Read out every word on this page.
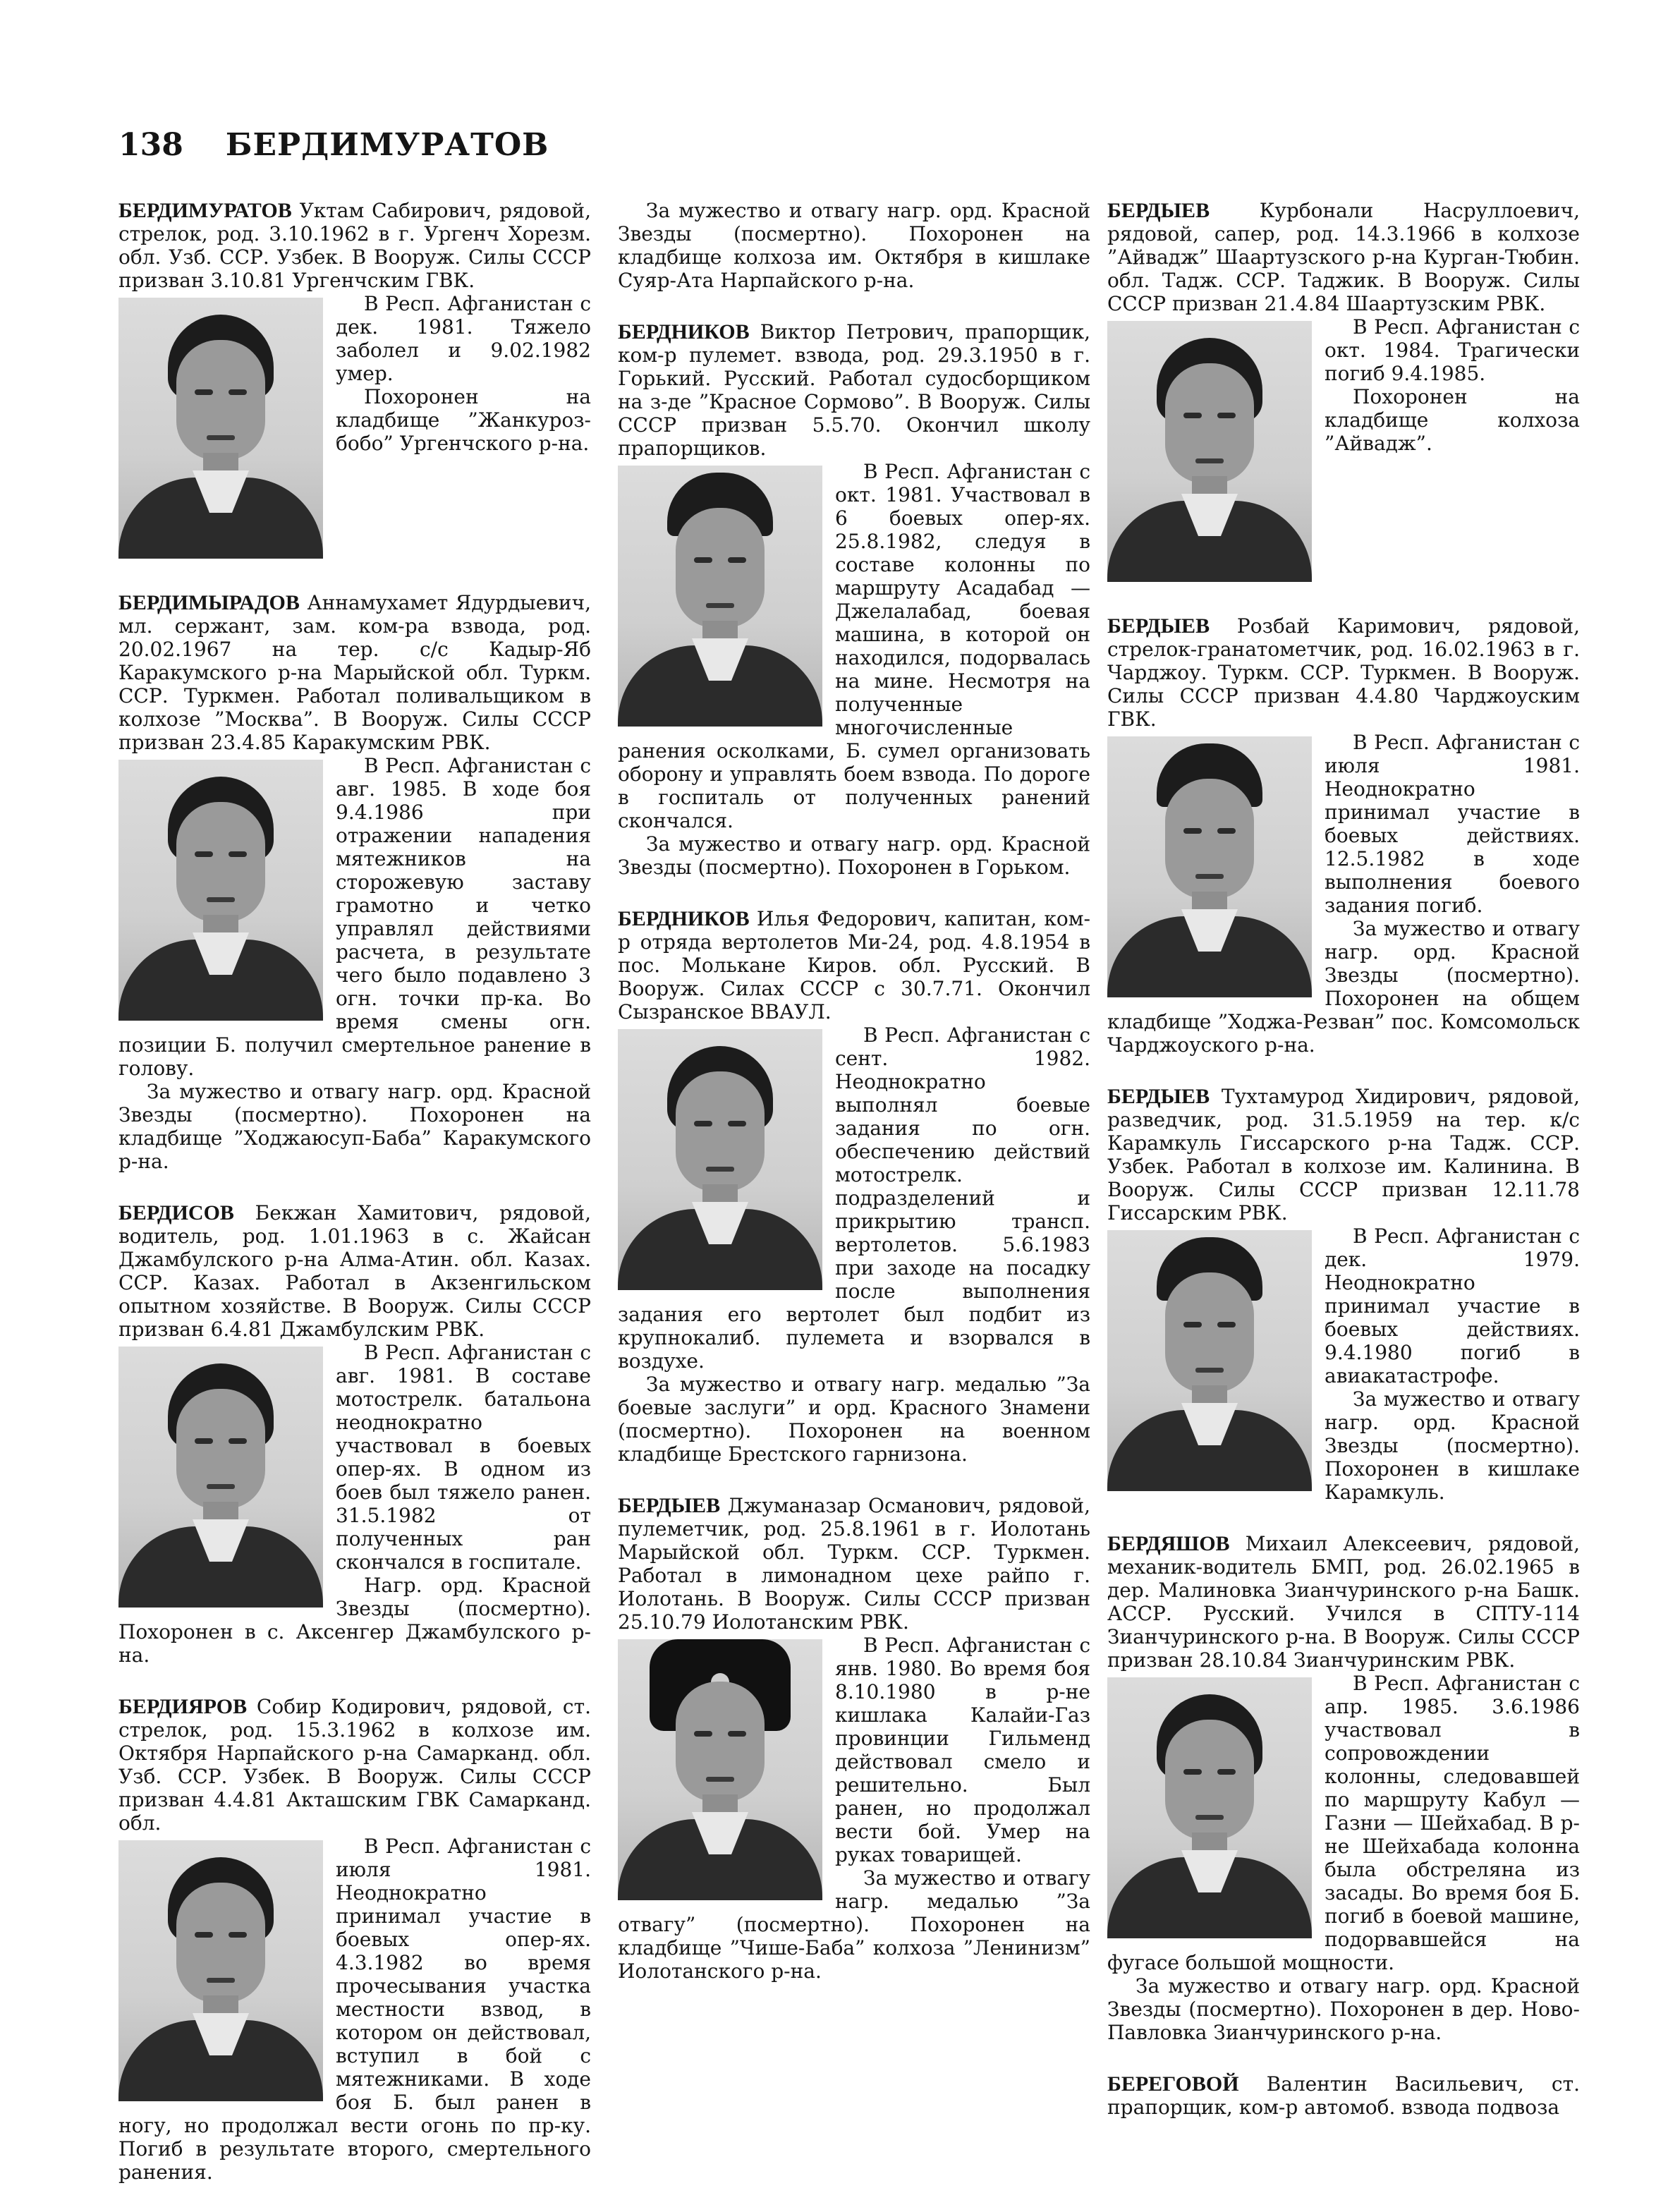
138 БЕРДИМУРАТОВ

БЕРДИМУРАТОВ Уктам Сабирович, рядовой, стрелок, род. 3.10.1962 в г. Ургенч Хорезм. обл. Узб. ССР. Узбек. В Вооруж. Силы СССР призван 3.10.81 Ургенчским ГВК.

В Респ. Афганистан с дек. 1981. Тяжело заболел и 9.02.1982 умер.

Похоронен на кладбище ”Жанкуроз-бобо” Ургенчского р-на.

БЕРДИМЫРАДОВ Аннамухамет Ядурдыевич, мл. сержант, зам. ком-ра взвода, род. 20.02.1967 на тер. с/с Кадыр-Яб Каракумского р-на Марыйской обл. Туркм. ССР. Туркмен. Работал поливальщиком в колхозе ”Москва”. В Вооруж. Силы СССР призван 23.4.85 Каракумским РВК.

В Респ. Афганистан с авг. 1985. В ходе боя 9.4.1986 при отражении нападения мятежников на сторожевую заставу грамотно и четко управлял действиями расчета, в результате чего было подавлено 3 огн. точки пр-ка. Во время смены огн. позиции Б. получил смертельное ранение в голову.

За мужество и отвагу нагр. орд. Красной Звезды (посмертно). Похоронен на кладбище ”Ходжаюсуп-Баба” Каракумского р-на.

БЕРДИСОВ Бекжан Хамитович, рядовой, водитель, род. 1.01.1963 в с. Жайсан Джамбулского р-на Алма-Атин. обл. Казах. ССР. Казах. Работал в Акзенгильском опытном хозяйстве. В Вооруж. Силы СССР призван 6.4.81 Джамбулским РВК.

В Респ. Афганистан с авг. 1981. В составе мотострелк. батальона неоднократно участвовал в боевых опер-ях. В одном из боев был тяжело ранен. 31.5.1982 от полученных ран скончался в госпитале.

Нагр. орд. Красной Звезды (посмертно). Похоронен в с. Аксенгер Джамбулского р-на.

БЕРДИЯРОВ Собир Кодирович, рядовой, ст. стрелок, род. 15.3.1962 в колхозе им. Октября Нарпайского р-на Самарканд. обл. Узб. ССР. Узбек. В Вооруж. Силы СССР призван 4.4.81 Акташским ГВК Самарканд. обл.

В Респ. Афганистан с июля 1981. Неоднократно принимал участие в боевых опер-ях. 4.3.1982 во время прочесывания участка местности взвод, в котором он действовал, вступил в бой с мятежниками. В ходе боя Б. был ранен в ногу, но продолжал вести огонь по пр-ку. Погиб в результате второго, смертельного ранения.

За мужество и отвагу нагр. орд. Красной Звезды (посмертно). Похоронен на кладбище колхоза им. Октября в кишлаке Суяр-Ата Нарпайского р-на.

БЕРДНИКОВ Виктор Петрович, прапорщик, ком-р пулемет. взвода, род. 29.3.1950 в г. Горький. Русский. Работал судосборщиком на з-де ”Красное Сормово”. В Вооруж. Силы СССР призван 5.5.70. Окончил школу прапорщиков.

В Респ. Афганистан с окт. 1981. Участвовал в 6 боевых опер-ях. 25.8.1982, следуя в составе колонны по маршруту Асадабад — Джелалабад, боевая машина, в которой он находился, подорвалась на мине. Несмотря на полученные многочисленные ранения осколками, Б. сумел организовать оборону и управлять боем взвода. По дороге в госпиталь от полученных ранений скончался.

За мужество и отвагу нагр. орд. Красной Звезды (посмертно). Похоронен в Горьком.

БЕРДНИКОВ Илья Федорович, капитан, ком-р отряда вертолетов Ми-24, род. 4.8.1954 в пос. Молькане Киров. обл. Русский. В Вооруж. Силах СССР с 30.7.71. Окончил Сызранское ВВАУЛ.

В Респ. Афганистан с сент. 1982. Неоднократно выполнял боевые задания по огн. обеспечению действий мотострелк. подразделений и прикрытию трансп. вертолетов. 5.6.1983 при заходе на посадку после выполнения задания его вертолет был подбит из крупнокалиб. пулемета и взорвался в воздухе.

За мужество и отвагу нагр. медалью ”За боевые заслуги” и орд. Красного Знамени (посмертно). Похоронен на военном кладбище Брестского гарнизона.

БЕРДЫЕВ Джуманазар Османович, рядовой, пулеметчик, род. 25.8.1961 в г. Иолотань Марыйской обл. Туркм. ССР. Туркмен. Работал в лимонадном цехе райпо г. Иолотань. В Вооруж. Силы СССР призван 25.10.79 Иолотанским РВК.

В Респ. Афганистан с янв. 1980. Во время боя 8.10.1980 в р-не кишлака Калайи-Газ провинции Гильменд действовал смело и решительно. Был ранен, но продолжал вести бой. Умер на руках товарищей.

За мужество и отвагу нагр. медалью ”За отвагу” (посмертно). Похоронен на кладбище ”Чише-Баба” колхоза ”Ленинизм” Иолотанского р-на.

БЕРДЫЕВ	Курбонали Насруллоевич, рядовой, сапер, род. 14.3.1966 в колхозе ”Айвадж” Шаартузского р-на Курган-Тюбин. обл. Тадж. ССР. Таджик. В Вооруж. Силы СССР призван 21.4.84 Шаартузским РВК.

В Респ. Афганистан с окт. 1984. Трагически погиб 9.4.1985.

Похоронен на кладбище колхоза ”Айвадж”.

БЕРДЫЕВ Розбай Каримович, рядовой, стрелок-гранатометчик, род. 16.02.1963 в г. Чарджоу. Туркм. ССР. Туркмен. В Вооруж. Силы СССР призван 4.4.80 Чарджоуским ГВК.

В Респ. Афганистан с июля 1981. Неоднократно принимал участие в боевых действиях. 12.5.1982 в ходе выполнения боевого задания погиб.

За мужество и отвагу нагр. орд. Красной Звезды (посмертно). Похоронен на общем кладбище ”Ходжа-Резван” пос. Комсомольск Чарджоуского р-на.

БЕРДЫЕВ Тухтамурод Хидирович, рядовой, разведчик, род. 31.5.1959 на тер. к/с Карамкуль Гиссарского р-на Тадж. ССР. Узбек. Работал в колхозе им. Калинина. В Вооруж. Силы СССР призван 12.11.78 Гиссарским РВК.

В Респ. Афганистан с дек. 1979. Неоднократно принимал участие в боевых действиях. 9.4.1980 погиб в авиакатастрофе.

За мужество и отвагу нагр. орд. Красной Звезды (посмертно). Похоронен в кишлаке Карамкуль.

БЕРДЯШОВ Михаил Алексеевич, рядовой, механик-водитель БМП, род. 26.02.1965 в дер. Малиновка Зианчуринского р-на Башк. АССР. Русский. Учился в СПТУ-114 Зианчуринского р-на. В Вооруж. Силы СССР призван 28.10.84 Зианчуринским РВК.

В Респ. Афганистан с апр. 1985. 3.6.1986 участвовал в сопровождении колонны, следовавшей по маршруту Кабул — Газни — Шейхабад. В р-не Шейхабада колонна была обстреляна из засады. Во время боя Б. погиб в боевой машине, подорвавшейся на фугасе большой мощности.

За мужество и отвагу нагр. орд. Красной Звезды (посмертно). Похоронен в дер. Ново-Павловка Зианчуринского р-на.

БЕРЕГОВОЙ Валентин Васильевич, ст. прапорщик, ком-р автомоб. взвода подвоза
